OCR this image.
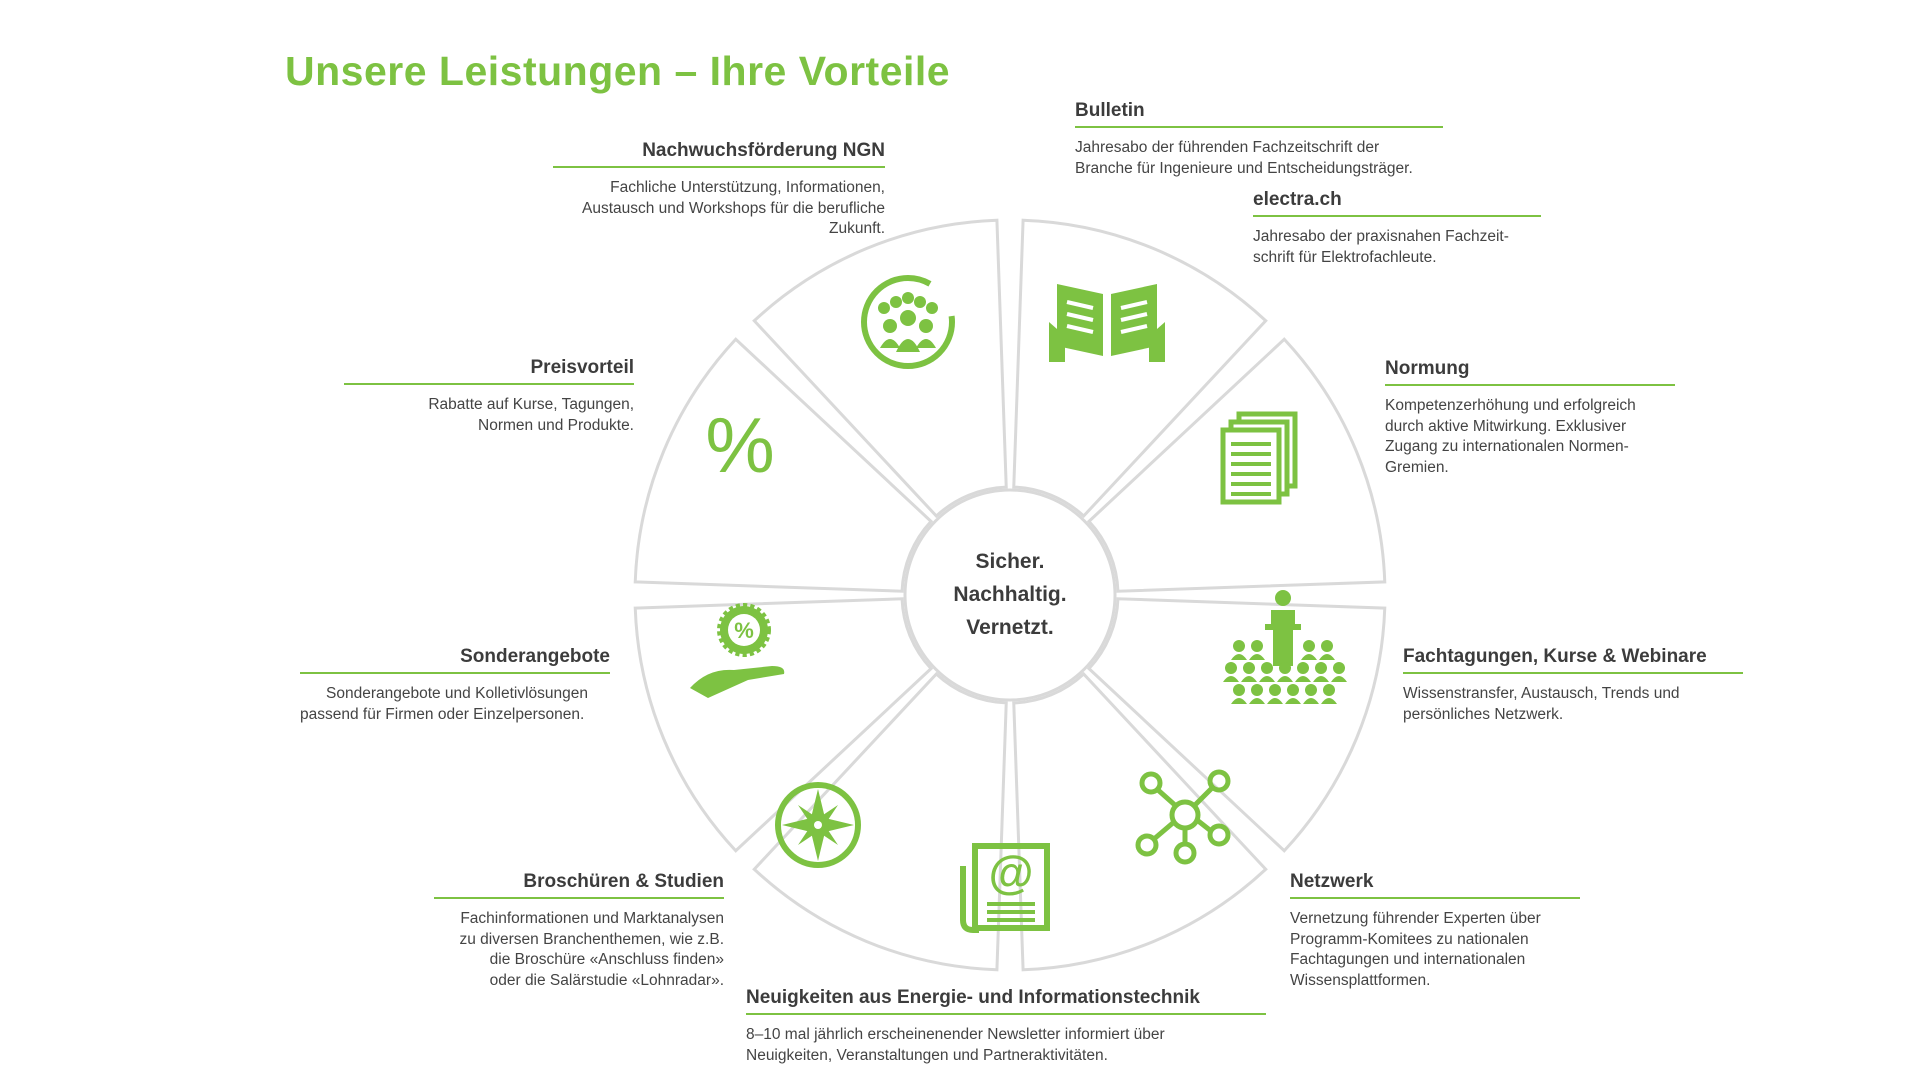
Unsere Leistungen – Ihre Vorteile
%
%
@
Sicher.
Nachhaltig.
Vernetzt.
Nachwuchsförderung NGN
Fachliche Unterstützung, Informationen,
Austausch und Workshops für die berufliche
Zukunft.
Bulletin
Jahresabo der führenden Fachzeitschrift der
Branche für Ingenieure und Entscheidungsträger.
electra.ch
Jahresabo der praxisnahen Fachzeit-
schrift für Elektrofachleute.
Preisvorteil
Rabatte auf Kurse, Tagungen,
Normen und Produkte.
Normung
Kompetenzerhöhung und erfolgreich
durch aktive Mitwirkung. Exklusiver
Zugang zu internationalen Normen-
Gremien.
Sonderangebote
Sonderangebote und Kolletivlösungen
passend für Firmen oder Einzelpersonen.
Fachtagungen, Kurse & Webinare
Wissenstransfer, Austausch, Trends und
persönliches Netzwerk.
Broschüren & Studien
Fachinformationen und Marktanalysen
zu diversen Branchenthemen, wie z.B.
die Broschüre «Anschluss finden»
oder die Salärstudie «Lohnradar».
Netzwerk
Vernetzung führender Experten über
Programm-Komitees zu nationalen
Fachtagungen und internationalen
Wissensplattformen.
Neuigkeiten aus Energie- und Informationstechnik
8–10 mal jährlich erscheinenender Newsletter informiert über
Neuigkeiten, Veranstaltungen und Partneraktivitäten.
